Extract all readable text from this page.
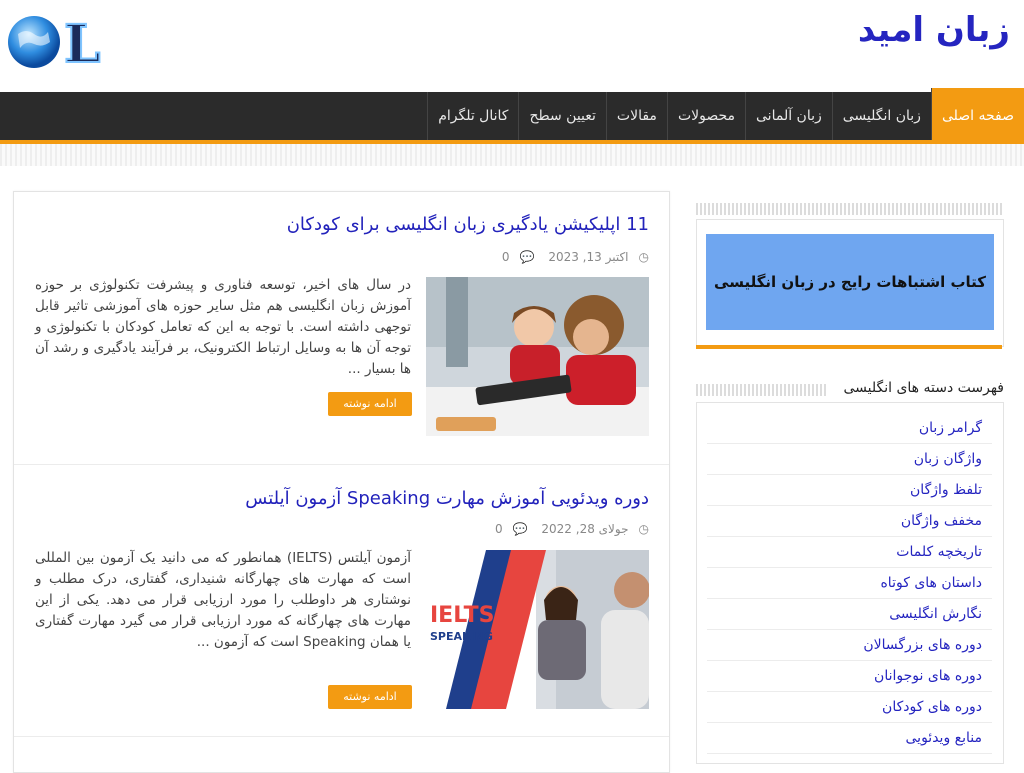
زبان امید
L
صفحه اصلی
زبان انگلیسی
زبان آلمانی
محصولات
مقالات
تعیین سطح
کانال تلگرام
11 اپلیکیشن یادگیری زبان انگلیسی برای کودکان
◷اکتبر 13, 2023 💬0
در سال های اخیر، توسعه فناوری و پیشرفت تکنولوژی بر حوزه آموزش زبان انگلیسی هم مثل سایر حوزه های آموزشی تاثیر قابل توجهی داشته است. با توجه به این که تعامل کودکان با تکنولوژی و توجه آن ها به وسایل ارتباط الکترونیک، بر فرآیند یادگیری و رشد آن ها بسیار ...
ادامه نوشته
دوره ویدئویی آموزش مهارت Speaking آزمون آیلتس
◷جولای 28, 2022 💬0
IELTS
SPEAKING
آزمون آیلتس (IELTS) همانطور که می دانید یک آزمون بین المللی است که مهارت های چهارگانه شنیداری، گفتاری، درک مطلب و نوشتاری هر داوطلب را مورد ارزیابی قرار می دهد. یکی از این مهارت های چهارگانه که مورد ارزیابی قرار می گیرد مهارت گفتاری یا همان Speaking است که آزمون ...
ادامه نوشته
کتاب اشتباهات رایج در زبان انگلیسی
فهرست دسته های انگلیسی
گرامر زبان
واژگان زبان
تلفظ واژگان
مخفف واژگان
تاریخچه کلمات
داستان های کوتاه
نگارش انگلیسی
دوره های بزرگسالان
دوره های نوجوانان
دوره های کودکان
منابع ویدئویی
